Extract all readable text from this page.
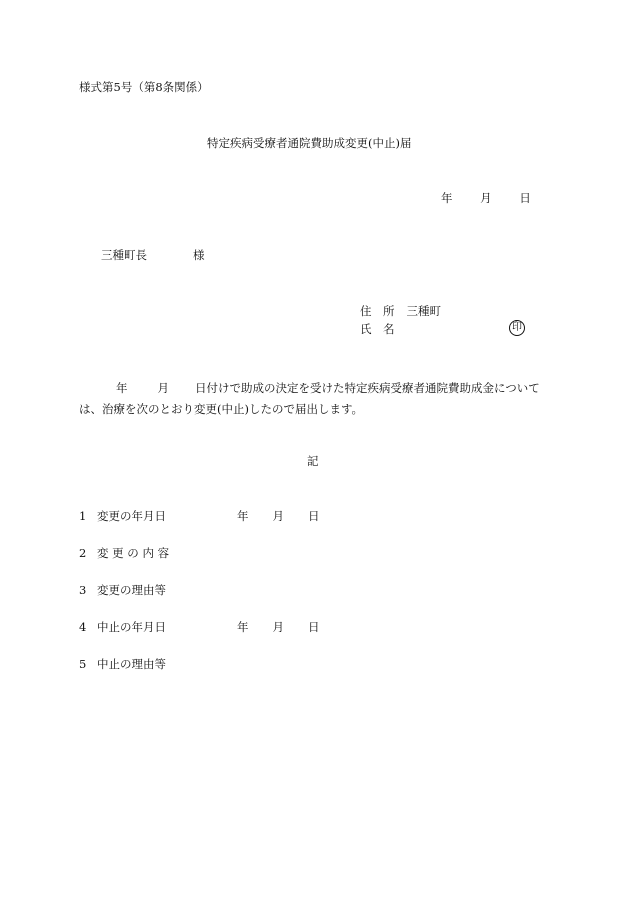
様式第5号（第8条関係）
特定疾病受療者通院費助成変更(中止)届
年 月 日
三種町長	様
住　所 三種町
氏　名	印
年	月 日付けで助成の決定を受けた特定疾病受療者通院費助成金については、治療を次のとおり変更(中止)したので届出します。
記
1 変更の年月日	年 月 日
2 変 更 の 内 容
3 変更の理由等
4 中止の年月日	年 月 日
5 中止の理由等
